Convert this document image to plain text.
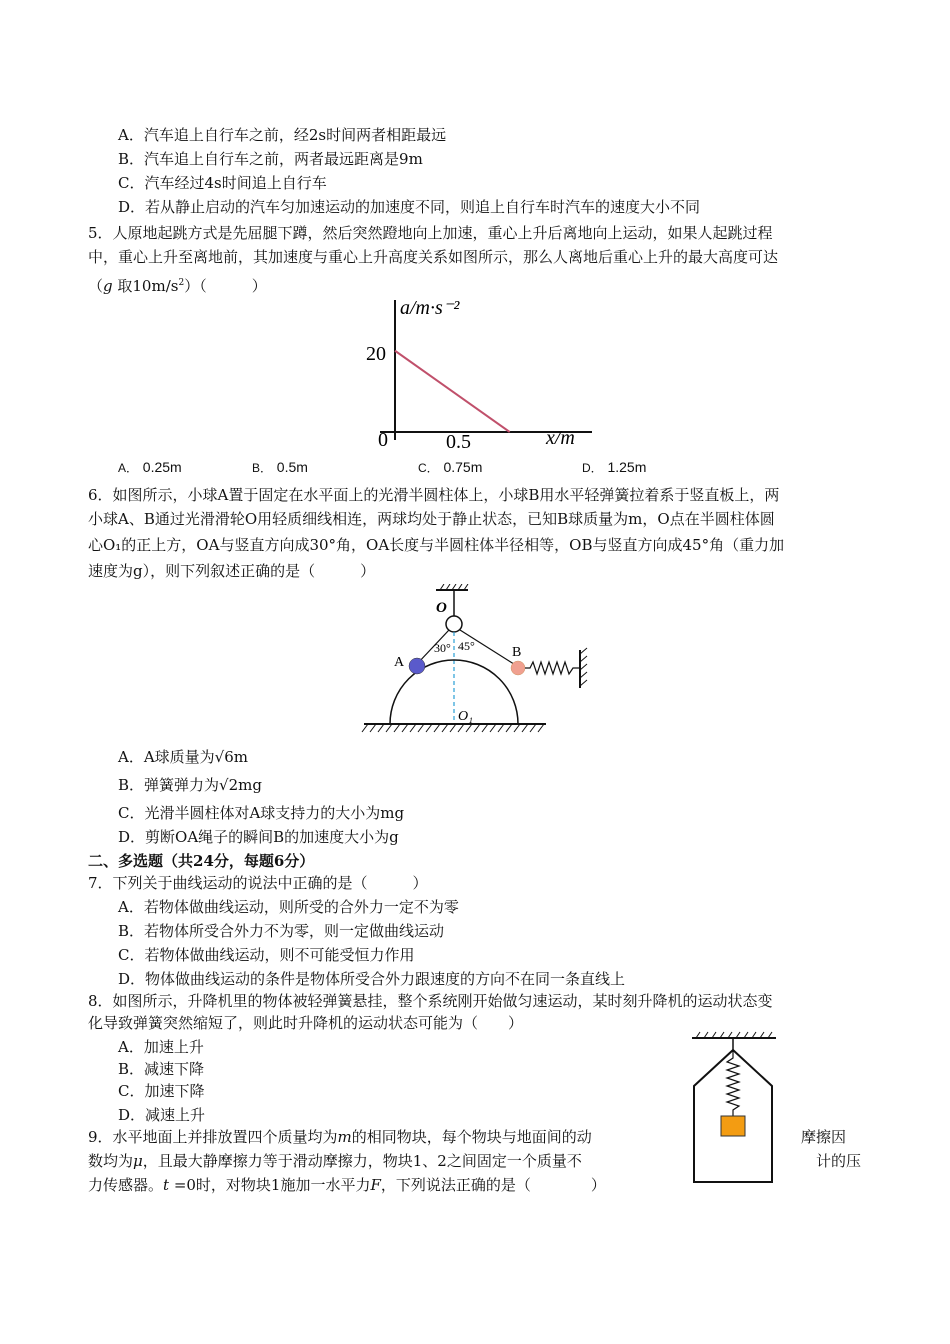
A．汽车追上自行车之前，经2s时间两者相距最远
B．汽车追上自行车之前，两者最远距离是9m
C．汽车经过4s时间追上自行车
D．若从静止启动的汽车匀加速运动的加速度不同，则追上自行车时汽车的速度大小不同
5．人原地起跳方式是先屈腿下蹲，然后突然蹬地向上加速，重心上升后离地向上运动，如果人起跳过程
中，重心上升至离地前，其加速度与重心上升高度关系如图所示，那么人离地后重心上升的最大高度可达
（g 取$10m/s^2$）（　　　）
a/m·s⁻²
x/m
20
0	0.5
A． 0.25m	B． 0.5m	C． 0.75m	D． 1.25m
6．如图所示，小球A置于固定在水平面上的光滑半圆柱体上，小球B用水平轻弹簧拉着系于竖直板上，两
小球A、B通过光滑滑轮O用轻质细线相连，两球均处于静止状态，已知B球质量为m，O点在半圆柱体圆
心O₁的正上方，OA与竖直方向成30°角，OA长度与半圆柱体半径相等，OB与竖直方向成45°角（重力加
速度为g），则下列叙述正确的是（　　　）
O
30° 45°
O₁
A
B
A．A球质量为√6m
B．弹簧弹力为√2mg
C．光滑半圆柱体对A球支持力的大小为mg
D．剪断OA绳子的瞬间B的加速度大小为g
二、多选题（共24分，每题6分）
7．下列关于曲线运动的说法中正确的是（　　　）
A．若物体做曲线运动，则所受的合外力一定不为零
B．若物体所受合外力不为零，则一定做曲线运动
C．若物体做曲线运动，则不可能受恒力作用
D．物体做曲线运动的条件是物体所受合外力跟速度的方向不在同一条直线上
8．如图所示，升降机里的物体被轻弹簧悬挂，整个系统刚开始做匀速运动，某时刻升降机的运动状态变
化导致弹簧突然缩短了，则此时升降机的运动状态可能为（　　）
A．加速上升
B．减速下降
C．加速下降
D．减速上升
9．水平地面上并排放置四个质量均为m的相同物块，每个物块与地面间的动	摩擦因
数均为μ，且最大静摩擦力等于滑动摩擦力，物块1、2之间固定一个质量不	计的压
力传感器。t =0时，对物块1施加一水平力F，下列说法正确的是（　　　　）
